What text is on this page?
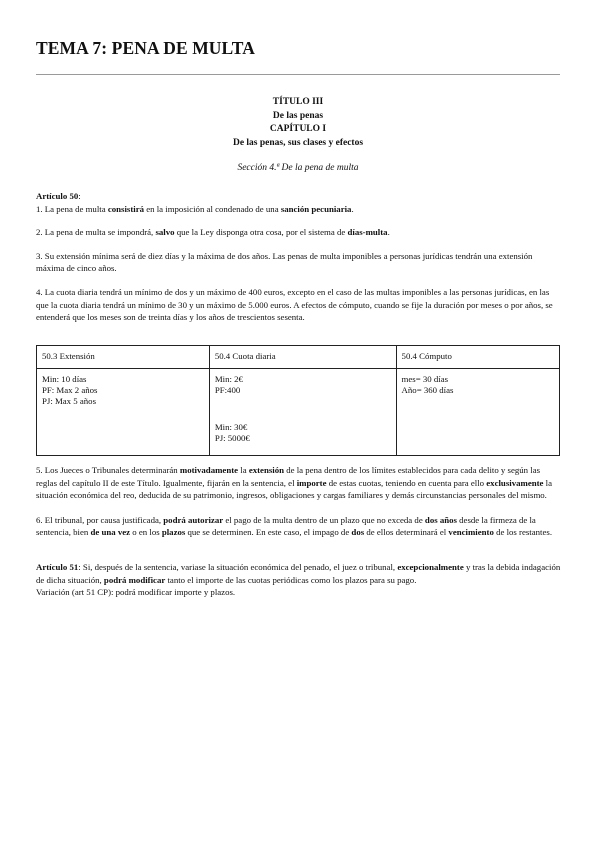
TEMA 7: PENA DE MULTA
TÍTULO III
De las penas
CAPÍTULO I
De las penas, sus clases y efectos
Sección 4.ª De la pena de multa

Artículo 50:

1. La pena de multa consistirá en la imposición al condenado de una sanción pecuniaria.

2. La pena de multa se impondrá, salvo que la Ley disponga otra cosa, por el sistema de días-multa.

3. Su extensión mínima será de diez días y la máxima de dos años. Las penas de multa imponibles a personas jurídicas tendrán una extensión máxima de cinco años.

4. La cuota diaria tendrá un mínimo de dos y un máximo de 400 euros, excepto en el caso de las multas imponibles a las personas jurídicas, en las que la cuota diaria tendrá un mínimo de 30 y un máximo de 5.000 euros. A efectos de cómputo, cuando se fije la duración por meses o por años, se entenderá que los meses son de treinta días y los años de trescientos sesenta.

50.3 Extensión	50.4 Cuota diaria	50.4 Cómputo

Min: 10 días
PF: Max 2 años
PJ: Max 5 años	Min: 2€
PF:400
Min: 30€
PJ: 5000€	mes= 30 días
Año= 360 días

5. Los Jueces o Tribunales determinarán motivadamente la extensión de la pena dentro de los límites establecidos para cada delito y según las reglas del capítulo II de este Título. Igualmente, fijarán en la sentencia, el importe de estas cuotas, teniendo en cuenta para ello exclusivamente la situación económica del reo, deducida de su patrimonio, ingresos, obligaciones y cargas familiares y demás circunstancias personales del mismo.

6. El tribunal, por causa justificada, podrá autorizar el pago de la multa dentro de un plazo que no exceda de dos años desde la firmeza de la sentencia, bien de una vez o en los plazos que se determinen. En este caso, el impago de dos de ellos determinará el vencimiento de los restantes.

Artículo 51: Si, después de la sentencia, variase la situación económica del penado, el juez o tribunal, excepcionalmente y tras la debida indagación de dicha situación, podrá modificar tanto el importe de las cuotas periódicas como los plazos para su pago.
Variación (art 51 CP): podrá modificar importe y plazos.
